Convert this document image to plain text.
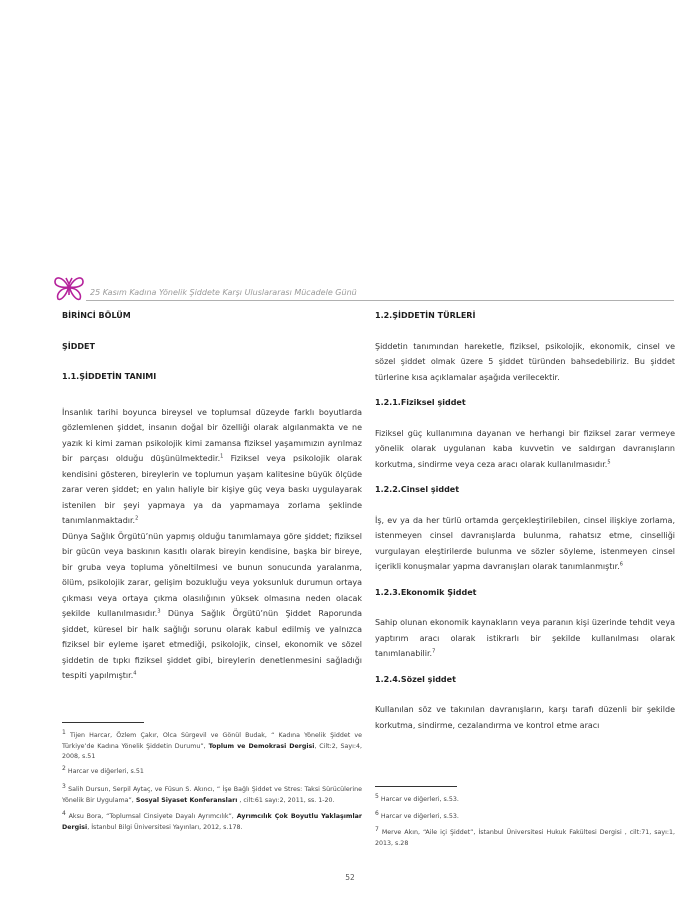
25 Kasım Kadına Yönelik Şiddete Karşı Uluslararası Mücadele Günü

BİRİNCİ BÖLÜM

ŞİDDET

1.1.ŞİDDETİN TANIMI

İnsanlık tarihi boyunca bireysel ve toplumsal düzeyde farklı boyutlarda gözlemlenen şiddet, insanın doğal bir özelliği olarak algılanmakta ve ne yazık ki kimi zaman psikolojik kimi zamansa fiziksel yaşamımızın ayrılmaz bir parçası olduğu düşünülmektedir.$^1$ Fiziksel veya psikolojik olarak kendisini gösteren, bireylerin ve toplumun yaşam kalitesine büyük ölçüde zarar veren şiddet; en yalın haliyle bir kişiye güç veya baskı uygulayarak istenilen bir şeyi yapmaya ya da yapmamaya zorlama şeklinde tanımlanmaktadır.$^2$

Dünya Sağlık Örgütü’nün yapmış olduğu tanımlamaya göre şiddet; fiziksel bir gücün veya baskının kasıtlı olarak bireyin kendisine, başka bir bireye, bir gruba veya topluma yöneltilmesi ve bunun sonucunda yaralanma, ölüm, psikolojik zarar, gelişim bozukluğu veya yoksunluk durumun ortaya çıkması veya ortaya çıkma olasılığının yüksek olmasına neden olacak şekilde kullanılmasıdır.$^3$ Dünya Sağlık Örgütü’nün Şiddet Raporunda şiddet, küresel bir halk sağlığı sorunu olarak kabul edilmiş ve yalnızca fiziksel bir eyleme işaret etmediği, psikolojik, cinsel, ekonomik ve sözel şiddetin de tıpkı fiziksel şiddet gibi, bireylerin denetlenmesini sağladığı tespiti yapılmıştır.$^4$

1.2.ŞİDDETİN TÜRLERİ

Şiddetin tanımından hareketle, fiziksel, psikolojik, ekonomik, cinsel ve sözel şiddet olmak üzere 5 şiddet türünden bahsedebiliriz. Bu şiddet türlerine kısa açıklamalar aşağıda verilecektir.

1.2.1.Fiziksel şiddet

Fiziksel güç kullanımına dayanan ve herhangi bir fiziksel zarar vermeye yönelik olarak uygulanan kaba kuvvetin ve saldırgan davranışların korkutma, sindirme veya ceza aracı olarak kullanılmasıdır.$^5$

1.2.2.Cinsel şiddet

İş, ev ya da her türlü ortamda gerçekleştirilebilen, cinsel ilişkiye zorlama, istenmeyen cinsel davranışlarda bulunma, rahatsız etme, cinselliği vurgulayan eleştirilerde bulunma ve sözler söyleme, istenmeyen cinsel içerikli konuşmalar yapma davranışları olarak tanımlanmıştır.$^6$

1.2.3.Ekonomik Şiddet

Sahip olunan ekonomik kaynakların veya paranın kişi üzerinde tehdit veya yaptırım aracı olarak istikrarlı bir şekilde kullanılması olarak tanımlanabilir.$^7$

1.2.4.Sözel şiddet

Kullanılan söz ve takınılan davranışların, karşı tarafı düzenli bir şekilde korkutma, sindirme, cezalandırma ve kontrol etme aracı

$^1$ Tijen Harcar, Özlem Çakır, Olca Sürgevil ve Gönül Budak, “ Kadına Yönelik Şiddet ve Türkiye’de Kadına Yönelik Şiddetin Durumu”, Toplum ve Demokrasi Dergisi, Cilt:2, Sayı:4, 2008, s.51

$^2$ Harcar ve diğerleri, s.51

$^3$ Salih Dursun, Serpil Aytaç, ve Füsun S. Akıncı, “ İşe Bağlı Şiddet ve Stres: Taksi Sürücülerine Yönelik Bir Uygulama”, Sosyal Siyaset Konferansları , cilt:61 sayı:2, 2011, ss. 1-20.

$^4$ Aksu Bora, “Toplumsal Cinsiyete Dayalı Ayrımcılık”, Ayrımcılık Çok Boyutlu Yaklaşımlar Dergisi, İstanbul Bilgi Üniversitesi Yayınları, 2012, s.178.

$^5$ Harcar ve diğerleri, s.53.

$^6$ Harcar ve diğerleri, s.53.

$^7$ Merve Akın, “Aile içi Şiddet”, İstanbul Üniversitesi Hukuk Fakültesi Dergisi , cilt:71, sayı:1, 2013, s.28

52
